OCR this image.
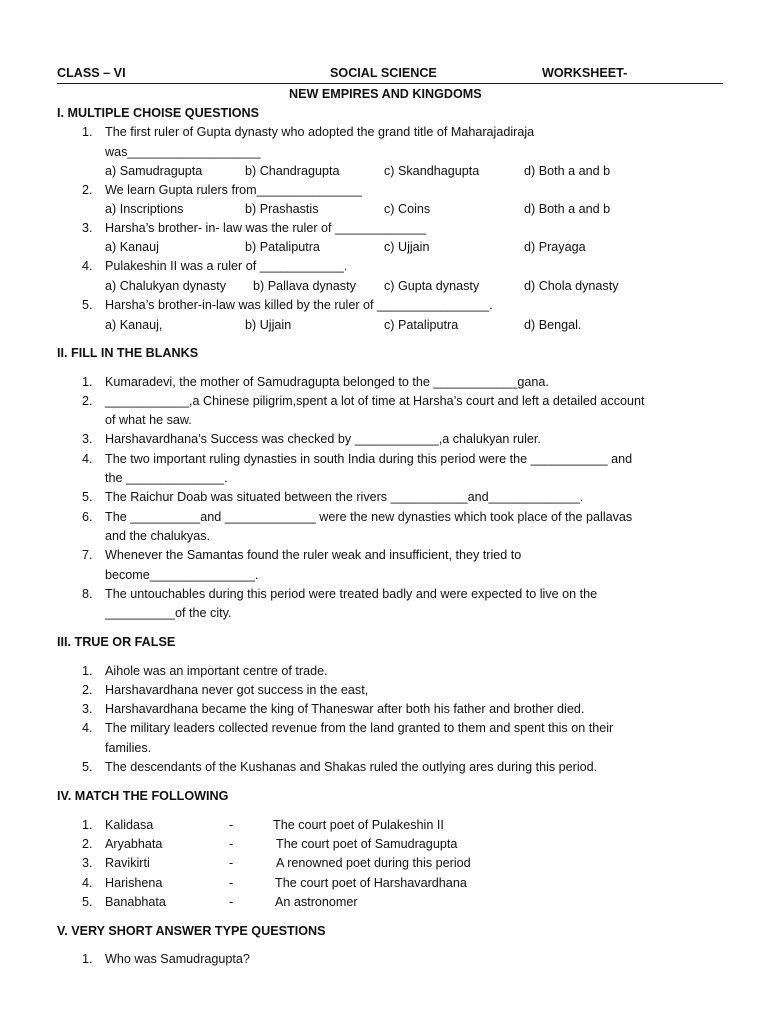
CLASS – VI	SOCIAL SCIENCE	WORKSHEET-
NEW EMPIRES AND KINGDOMS
I. MULTIPLE CHOISE QUESTIONS
1. The first ruler of Gupta dynasty who adopted the grand title of Maharajadiraja
was___________________
a) Samudragupta	b) Chandragupta	c) Skandhagupta	d) Both a and b
2. We learn Gupta rulers from_______________
a) Inscriptions	b) Prashastis	c) Coins	d) Both a and b
3. Harsha’s brother- in- law was the ruler of _____________
a) Kanauj	b) Pataliputra	c) Ujjain	d) Prayaga
4. Pulakeshin II was a ruler of ____________.
a) Chalukyan dynasty b) Pallava dynasty c) Gupta dynasty	d) Chola dynasty
5. Harsha’s brother-in-law was killed by the ruler of ________________.
a) Kanauj,	b) Ujjain	c) Pataliputra	d) Bengal.
II. FILL IN THE BLANKS
1. Kumaradevi, the mother of Samudragupta belonged to the ____________gana.
2. ____________,a Chinese piligrim,spent a lot of time at Harsha’s court and left a detailed account
of what he saw.
3. Harshavardhana’s Success was checked by ____________,a chalukyan ruler.
4. The two important ruling dynasties in south India during this period were the ___________ and
the ______________.
5. The Raichur Doab was situated between the rivers ___________and_____________.
6. The __________and _____________ were the new dynasties which took place of the pallavas
and the chalukyas.
7. Whenever the Samantas found the ruler weak and insufficient, they tried to
become_______________.
8. The untouchables during this period were treated badly and were expected to live on the
__________of the city.
III. TRUE OR FALSE
1. Aihole was an important centre of trade.
2. Harshavardhana never got success in the east,
3. Harshavardhana became the king of Thaneswar after both his father and brother died.
4. The military leaders collected revenue from the land granted to them and spent this on their
families.
5. The descendants of the Kushanas and Shakas ruled the outlying ares during this period.
IV. MATCH THE FOLLOWING
1. Kalidasa	-	The court poet of Pulakeshin II
2. Aryabhata	-	The court poet of Samudragupta
3. Ravikirti	-	A renowned poet during this period
4. Harishena	-	The court poet of Harshavardhana
5. Banabhata	-	An astronomer
V. VERY SHORT ANSWER TYPE QUESTIONS
1. Who was Samudragupta?
